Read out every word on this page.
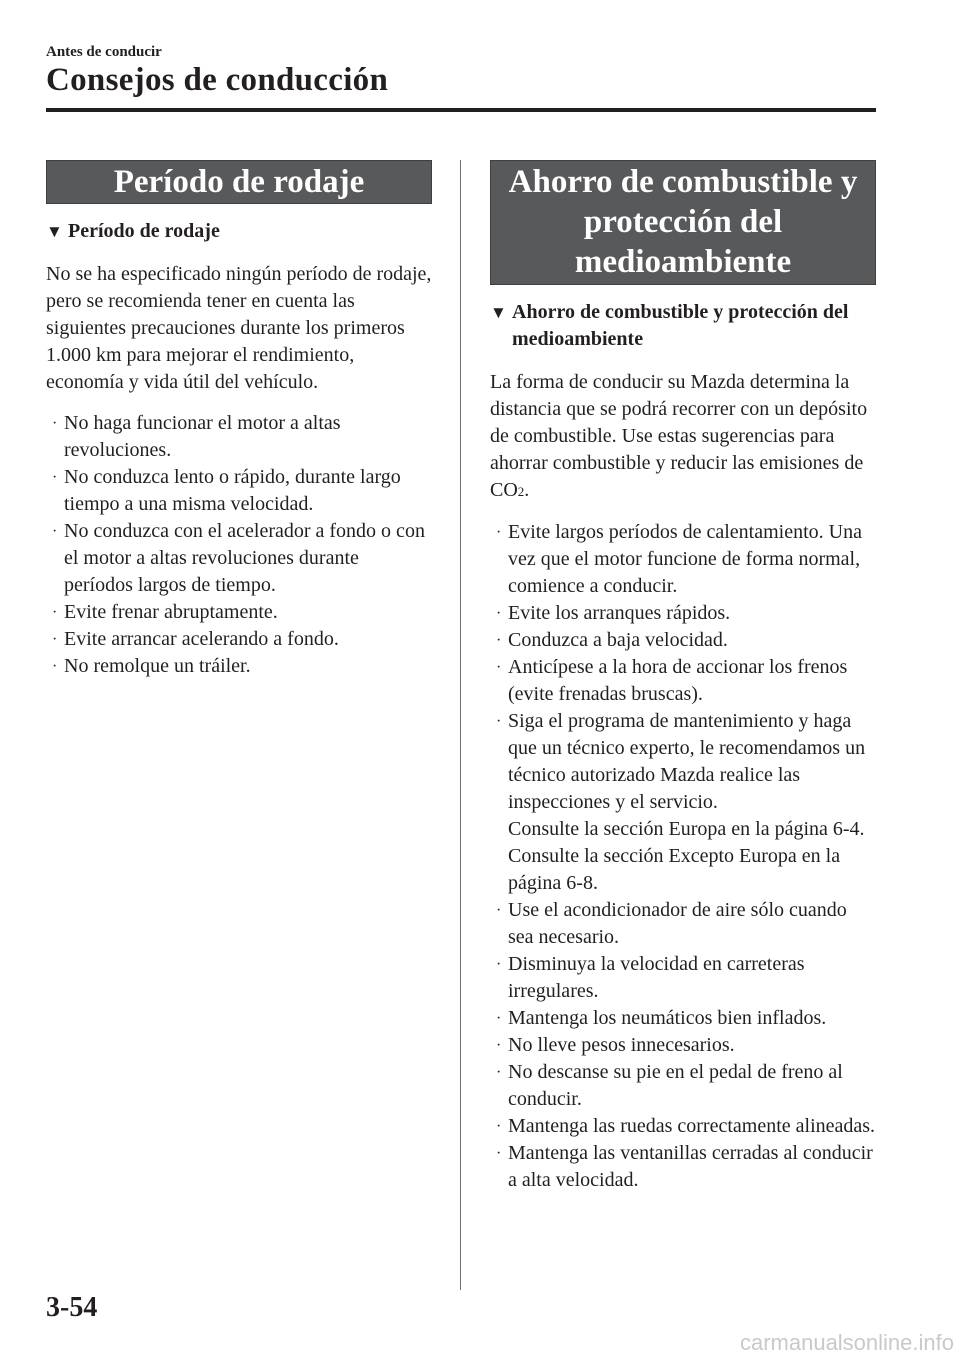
Antes de conducir
Consejos de conducción
Período de rodaje
▼ Período de rodaje
No se ha especificado ningún período de rodaje, pero se recomienda tener en cuenta las siguientes precauciones durante los primeros 1.000 km para mejorar el rendimiento, economía y vida útil del vehículo.
· No haga funcionar el motor a altas revoluciones.
· No conduzca lento o rápido, durante largo tiempo a una misma velocidad.
· No conduzca con el acelerador a fondo o con el motor a altas revoluciones durante períodos largos de tiempo.
· Evite frenar abruptamente.
· Evite arrancar acelerando a fondo.
· No remolque un tráiler.
Ahorro de combustible y
protección del
medioambiente
▼ Ahorro de combustible y protección del medioambiente
La forma de conducir su Mazda determina la distancia que se podrá recorrer con un depósito de combustible. Use estas sugerencias para ahorrar combustible y reducir las emisiones de CO2.
· Evite largos períodos de calentamiento. Una vez que el motor funcione de forma normal, comience a conducir.
· Evite los arranques rápidos.
· Conduzca a baja velocidad.
· Anticípese a la hora de accionar los frenos (evite frenadas bruscas).
· Siga el programa de mantenimiento y haga que un técnico experto, le recomendamos un técnico autorizado Mazda realice las inspecciones y el servicio.
Consulte la sección Europa en la página 6-4.
Consulte la sección Excepto Europa en la página 6-8.
· Use el acondicionador de aire sólo cuando sea necesario.
· Disminuya la velocidad en carreteras irregulares.
· Mantenga los neumáticos bien inflados.
· No lleve pesos innecesarios.
· No descanse su pie en el pedal de freno al conducir.
· Mantenga las ruedas correctamente alineadas.
· Mantenga las ventanillas cerradas al conducir a alta velocidad.
3-54
carmanualsonline.info
